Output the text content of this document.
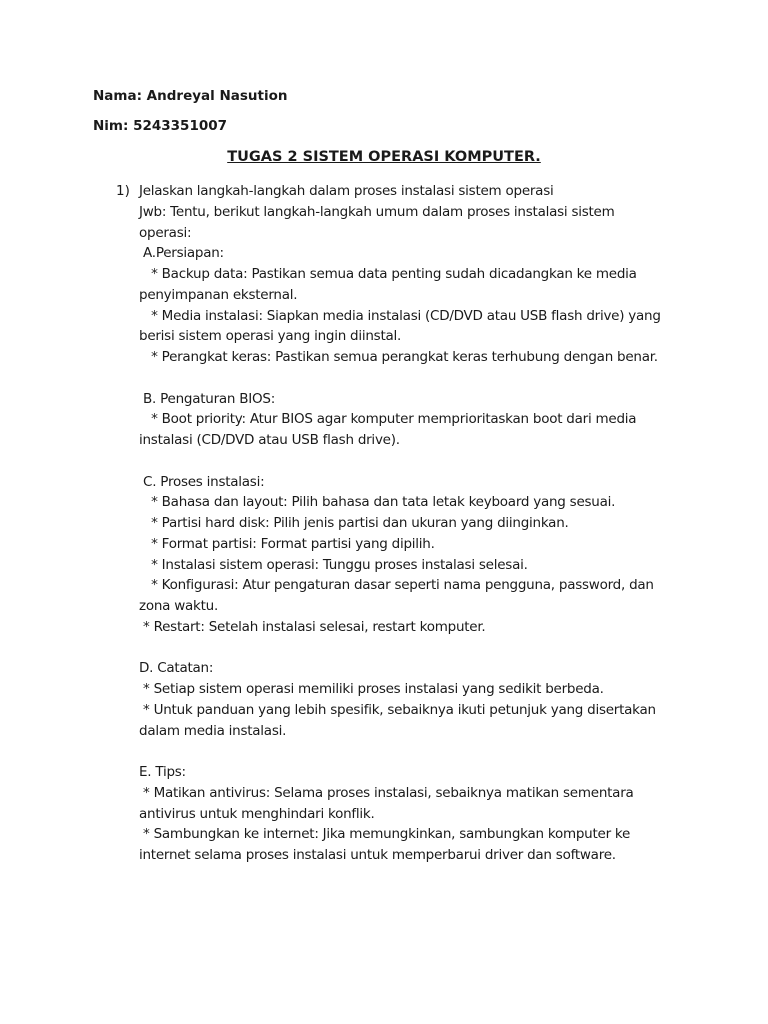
Nama: Andreyal Nasution
Nim: 5243351007
TUGAS 2 SISTEM OPERASI KOMPUTER.
1) Jelaskan langkah-langkah dalam proses instalasi sistem operasi
Jwb: Tentu, berikut langkah-langkah umum dalam proses instalasi sistem
operasi:
A.Persiapan:
* Backup data: Pastikan semua data penting sudah dicadangkan ke media
penyimpanan eksternal.
* Media instalasi: Siapkan media instalasi (CD/DVD atau USB flash drive) yang
berisi sistem operasi yang ingin diinstal.
* Perangkat keras: Pastikan semua perangkat keras terhubung dengan benar.
B. Pengaturan BIOS:
* Boot priority: Atur BIOS agar komputer memprioritaskan boot dari media
instalasi (CD/DVD atau USB flash drive).
C. Proses instalasi:
* Bahasa dan layout: Pilih bahasa dan tata letak keyboard yang sesuai.
* Partisi hard disk: Pilih jenis partisi dan ukuran yang diinginkan.
* Format partisi: Format partisi yang dipilih.
* Instalasi sistem operasi: Tunggu proses instalasi selesai.
* Konfigurasi: Atur pengaturan dasar seperti nama pengguna, password, dan
zona waktu.
* Restart: Setelah instalasi selesai, restart komputer.
D. Catatan:
* Setiap sistem operasi memiliki proses instalasi yang sedikit berbeda.
* Untuk panduan yang lebih spesifik, sebaiknya ikuti petunjuk yang disertakan
dalam media instalasi.
E. Tips:
* Matikan antivirus: Selama proses instalasi, sebaiknya matikan sementara
antivirus untuk menghindari konflik.
* Sambungkan ke internet: Jika memungkinkan, sambungkan komputer ke
internet selama proses instalasi untuk memperbarui driver dan software.
